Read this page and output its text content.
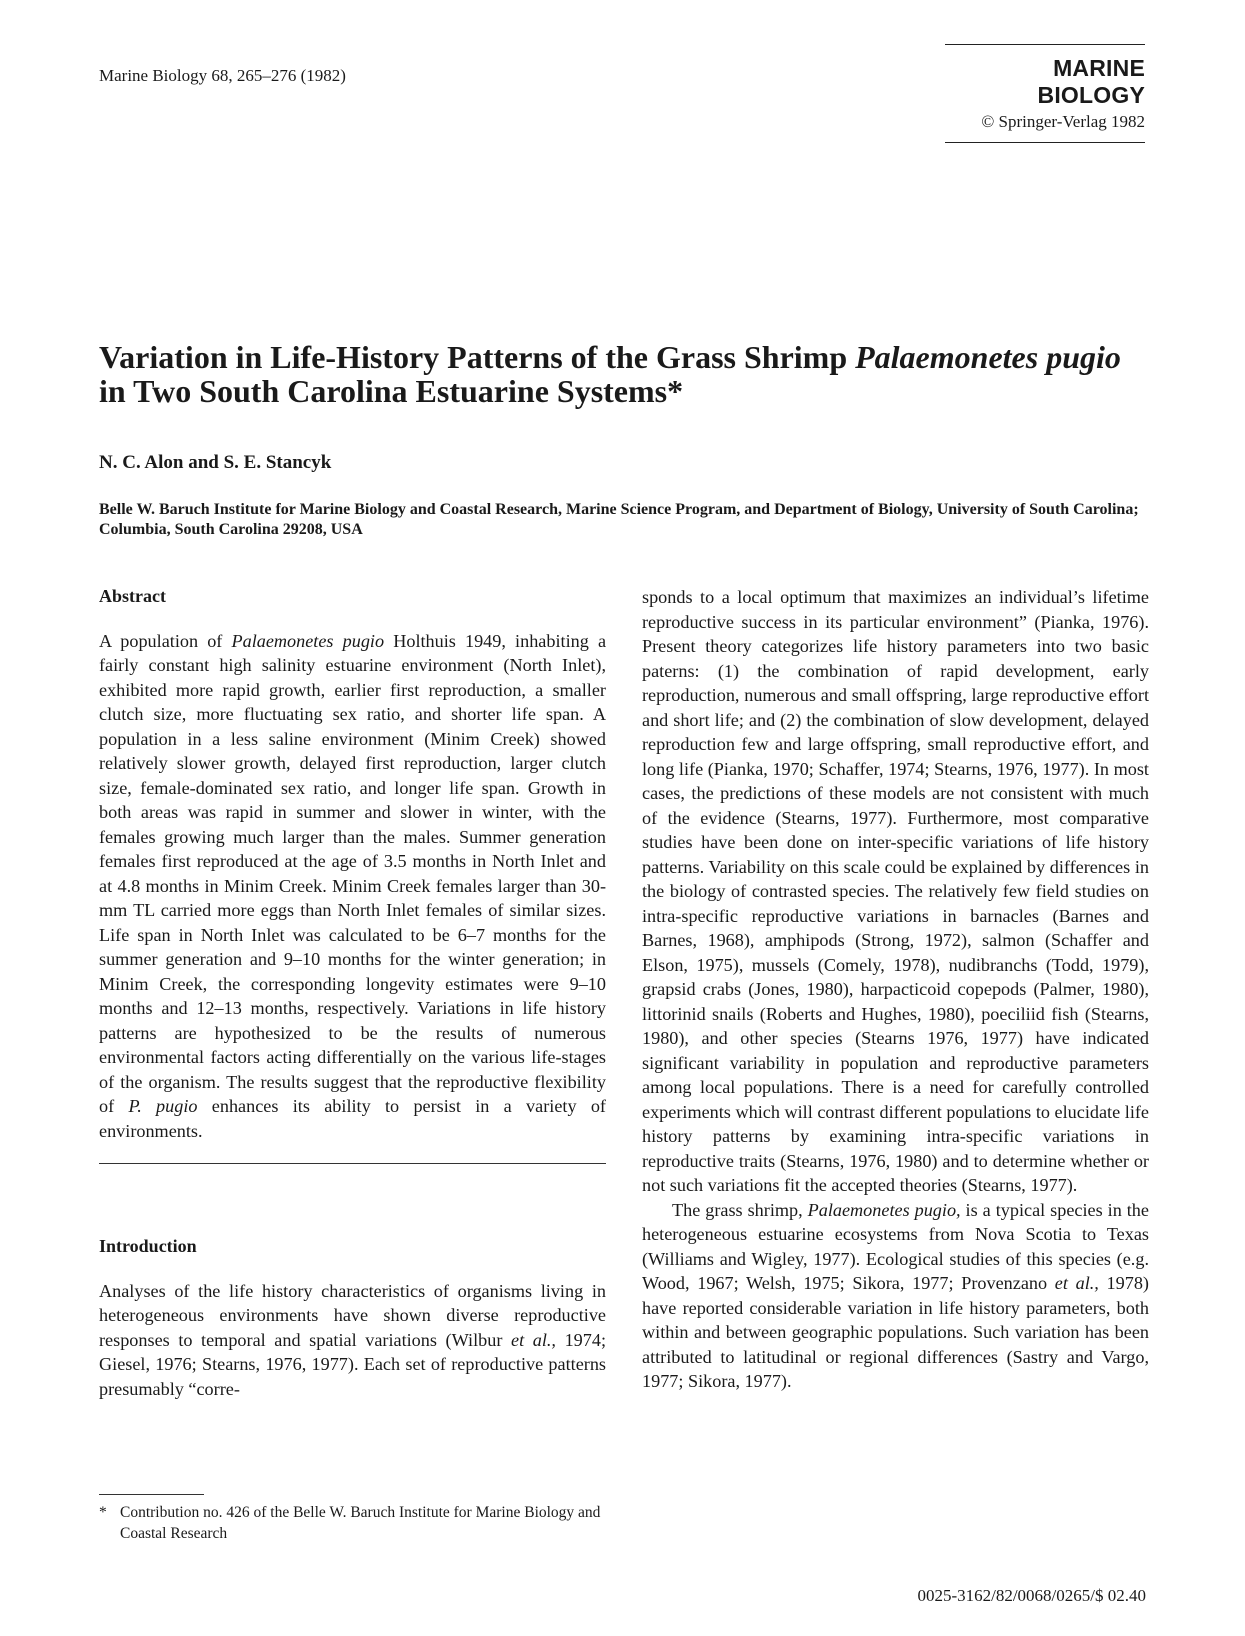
Marine Biology 68, 265–276 (1982)	MARINE BIOLOGY
© Springer-Verlag 1982
Variation in Life-History Patterns of the Grass Shrimp Palaemonetes pugio in Two South Carolina Estuarine Systems*
N. C. Alon and S. E. Stancyk
Belle W. Baruch Institute for Marine Biology and Coastal Research, Marine Science Program, and Department of Biology, University of South Carolina; Columbia, South Carolina 29208, USA
Abstract

A population of Palaemonetes pugio Holthuis 1949, inhabiting a fairly constant high salinity estuarine environment (North Inlet), exhibited more rapid growth, earlier first reproduction, a smaller clutch size, more fluctuating sex ratio, and shorter life span. A population in a less saline environment (Minim Creek) showed relatively slower growth, delayed first reproduction, larger clutch size, female-dominated sex ratio, and longer life span. Growth in both areas was rapid in summer and slower in winter, with the females growing much larger than the males. Summer generation females first reproduced at the age of 3.5 months in North Inlet and at 4.8 months in Minim Creek. Minim Creek females larger than 30-mm TL carried more eggs than North Inlet females of similar sizes. Life span in North Inlet was calculated to be 6–7 months for the summer generation and 9–10 months for the winter generation; in Minim Creek, the corresponding longevity estimates were 9–10 months and 12–13 months, respectively. Variations in life history patterns are hypothesized to be the results of numerous environmental factors acting differentially on the various life-stages of the organism. The results suggest that the reproductive flexibility of P. pugio enhances its ability to persist in a variety of environments.

Introduction

Analyses of the life history characteristics of organisms living in heterogeneous environments have shown diverse reproductive responses to temporal and spatial variations (Wilbur et al., 1974; Giesel, 1976; Stearns, 1976, 1977). Each set of reproductive patterns presumably “corre-

* Contribution no. 426 of the Belle W. Baruch Institute for Marine Biology and Coastal Research

sponds to a local optimum that maximizes an individual’s lifetime reproductive success in its particular environment” (Pianka, 1976). Present theory categorizes life history parameters into two basic paterns: (1) the combination of rapid development, early reproduction, numerous and small offspring, large reproductive effort and short life; and (2) the combination of slow development, delayed reproduction few and large offspring, small reproductive effort, and long life (Pianka, 1970; Schaffer, 1974; Stearns, 1976, 1977). In most cases, the predictions of these models are not consistent with much of the evidence (Stearns, 1977). Furthermore, most comparative studies have been done on inter-specific variations of life history patterns. Variability on this scale could be explained by differences in the biology of contrasted species. The relatively few field studies on intra-specific reproductive variations in barnacles (Barnes and Barnes, 1968), amphipods (Strong, 1972), salmon (Schaffer and Elson, 1975), mussels (Comely, 1978), nudibranchs (Todd, 1979), grapsid crabs (Jones, 1980), harpacticoid copepods (Palmer, 1980), littorinid snails (Roberts and Hughes, 1980), poeciliid fish (Stearns, 1980), and other species (Stearns 1976, 1977) have indicated significant variability in population and reproductive parameters among local populations. There is a need for carefully controlled experiments which will contrast different populations to elucidate life history patterns by examining intra-specific variations in reproductive traits (Stearns, 1976, 1980) and to determine whether or not such variations fit the accepted theories (Stearns, 1977).

The grass shrimp, Palaemonetes pugio, is a typical species in the heterogeneous estuarine ecosystems from Nova Scotia to Texas (Williams and Wigley, 1977). Ecological studies of this species (e.g. Wood, 1967; Welsh, 1975; Sikora, 1977; Provenzano et al., 1978) have reported considerable variation in life history parameters, both within and between geographic populations. Such variation has been attributed to latitudinal or regional differences (Sastry and Vargo, 1977; Sikora, 1977).

0025-3162/82/0068/0265/$ 02.40
